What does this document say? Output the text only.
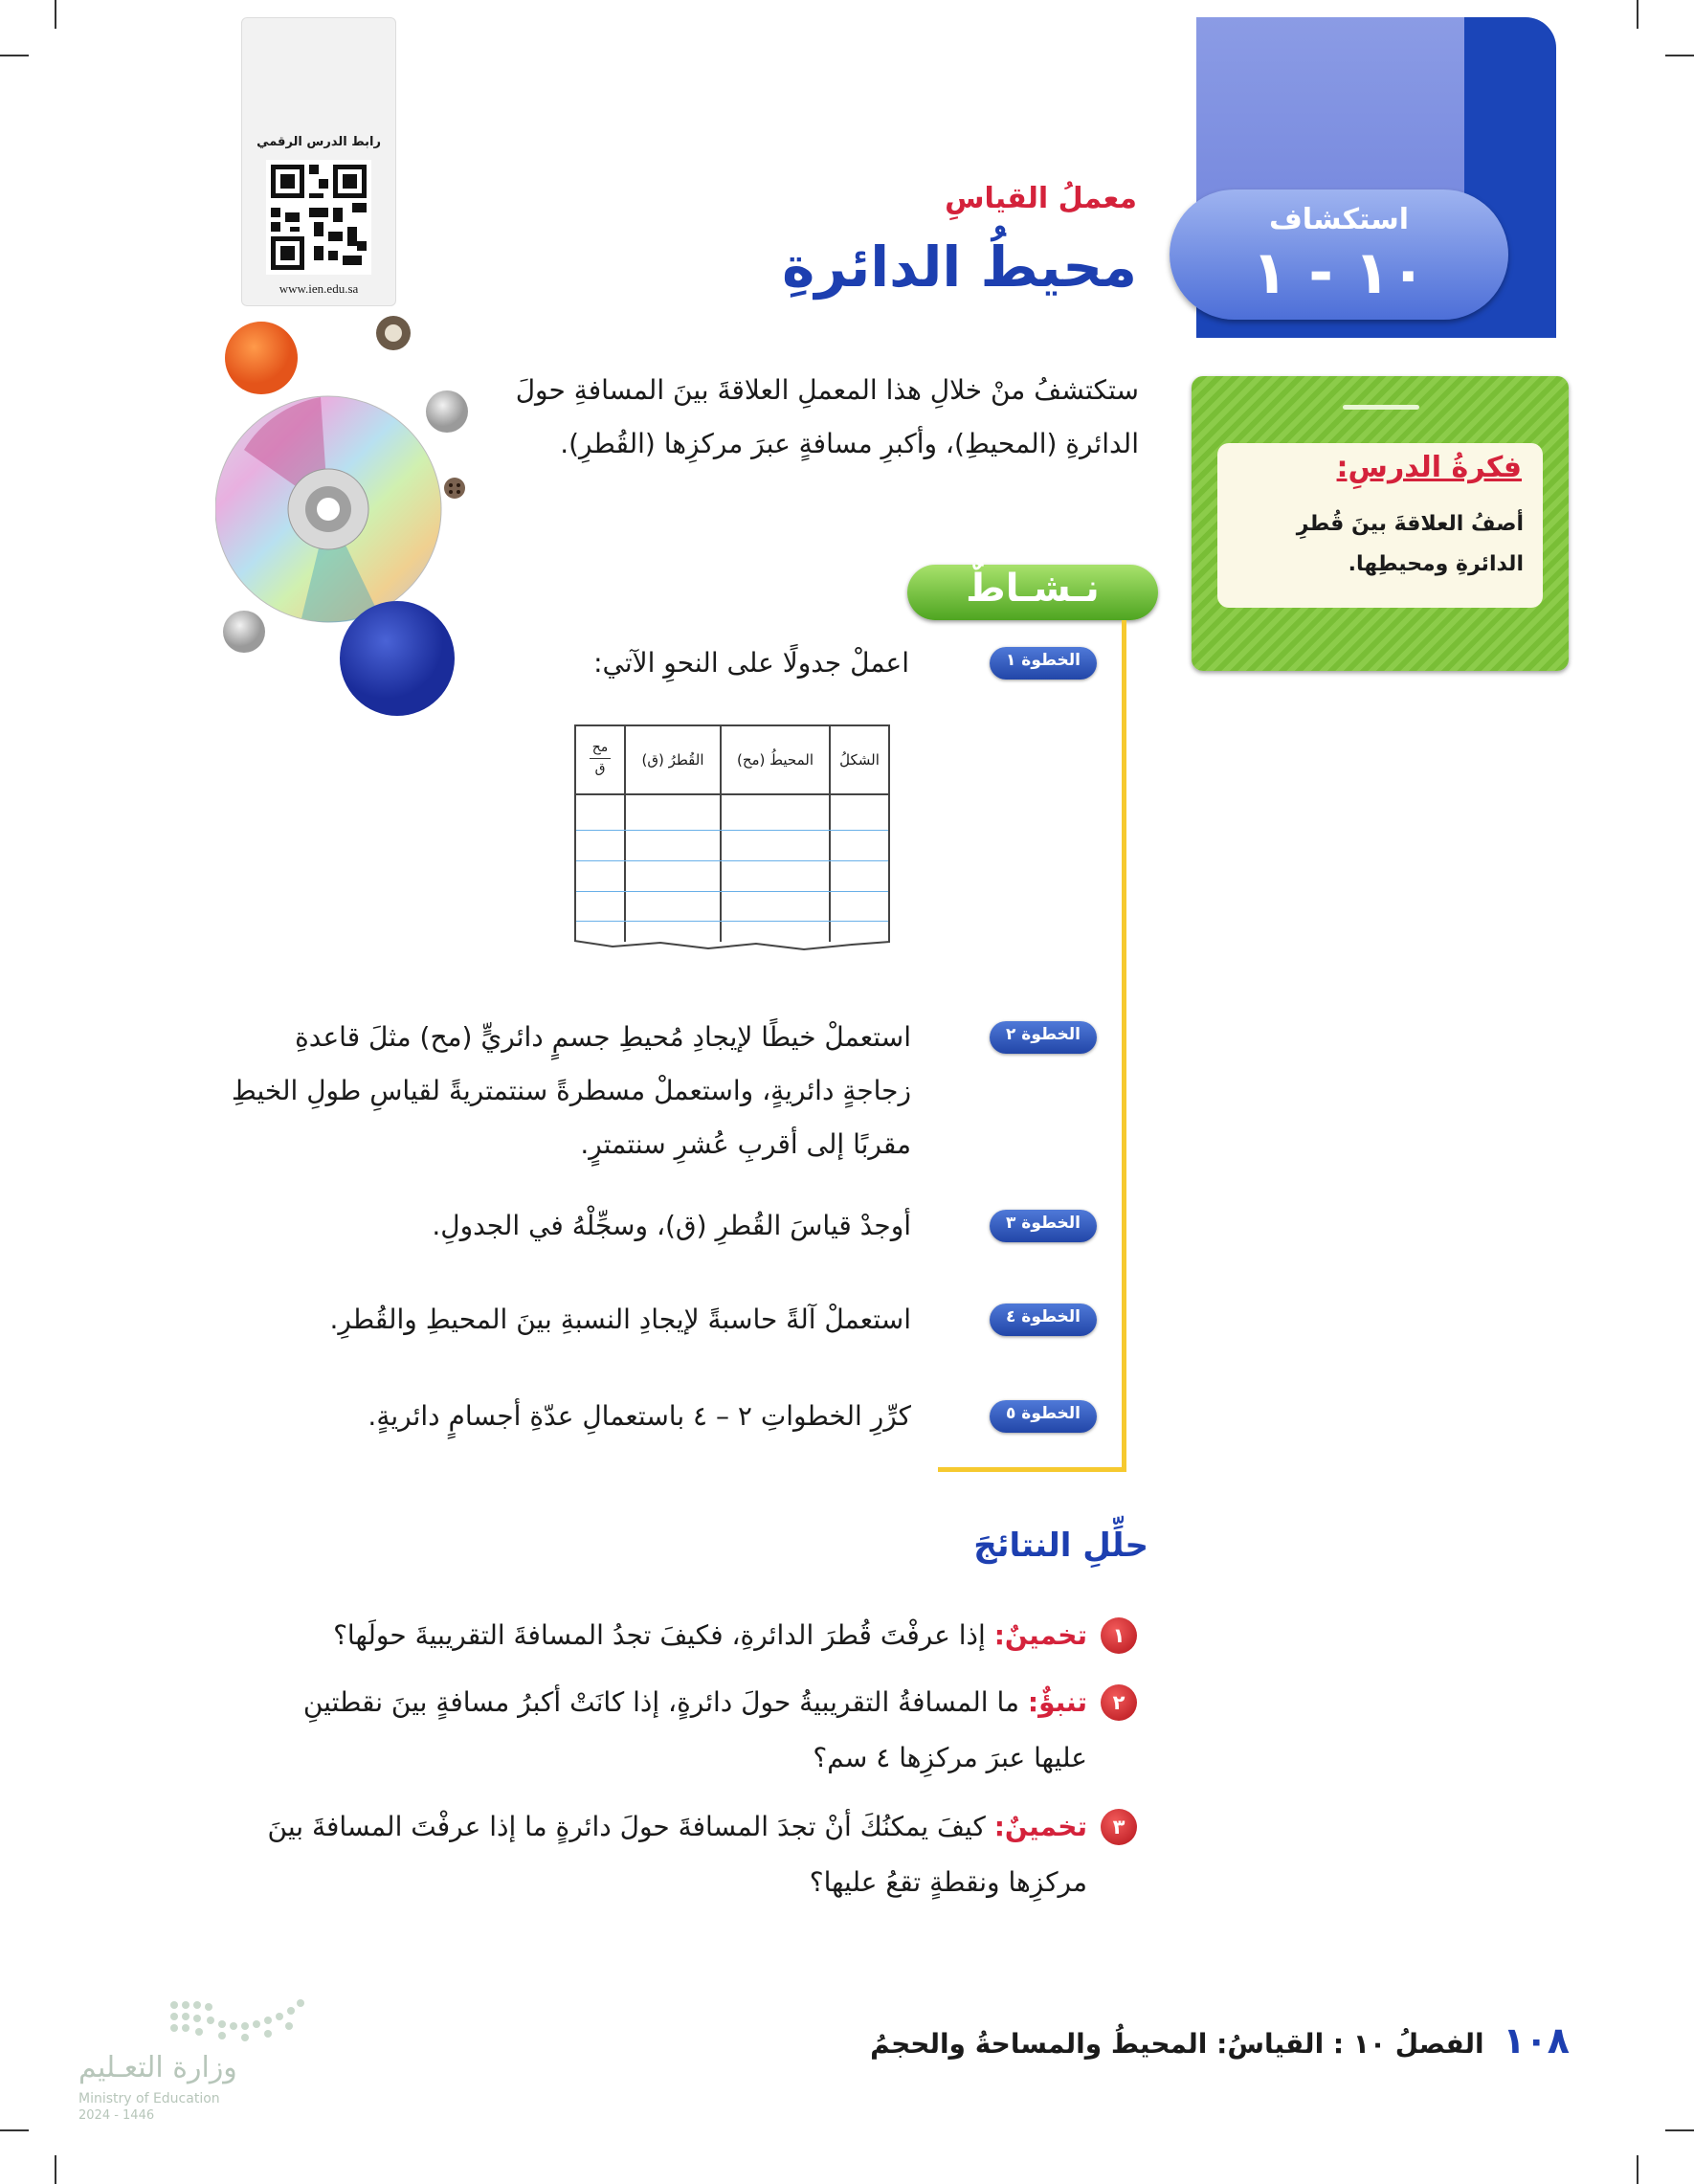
استكشاف
١٠ - ١
معملُ القياسِ
محيطُ الدائرةِ
رابط الدرس الرقمي
www.ien.edu.sa
فكرةُ الدرسِ:
أصفُ العلاقةَ بينَ قُطرِ الدائرةِ ومحيطِها.
ستكتشفُ منْ خلالِ هذا المعملِ العلاقةَ بينَ المسافةِ حولَ الدائرةِ (المحيطِ)، وأكبرِ مسافةٍ عبرَ مركزِها (القُطرِ).
نـشـاطٌ
الخطوة ١
اعملْ جدولًا على النحوِ الآتي:
الشكلُ
المحيطُ (مح)
القُطرُ (ق)
مح
ق
الخطوة ٢
استعملْ خيطًا لإيجادِ مُحيطِ جسمٍ دائريٍّ (مح) مثلَ قاعدةِ زجاجةٍ دائريةٍ، واستعملْ مسطرةً سنتمتريةً لقياسِ طولِ الخيطِ مقربًا إلى أقربِ عُشرِ سنتمترٍ.
الخطوة ٣
أوجدْ قياسَ القُطرِ (ق)، وسجِّلْهُ في الجدولِ.
الخطوة ٤
استعملْ آلةً حاسبةً لإيجادِ النسبةِ بينَ المحيطِ والقُطرِ.
الخطوة ٥
كرِّرِ الخطواتِ ٢ – ٤ باستعمالِ عدّةِ أجسامٍ دائريةٍ.
حلِّلِ النتائجَ
١
تخمينٌ: إذا عرفْتَ قُطرَ الدائرةِ، فكيفَ تجدُ المسافةَ التقريبيةَ حولَها؟
٢
تنبؤٌ: ما المسافةُ التقريبيةُ حولَ دائرةٍ، إذا كانَتْ أكبرُ مسافةٍ بينَ نقطتينِ عليها عبرَ مركزِها ٤ سم؟
٣
تخمينٌ: كيفَ يمكنُكَ أنْ تجدَ المسافةَ حولَ دائرةٍ ما إذا عرفْتَ المسافةَ بينَ مركزِها ونقطةٍ تقعُ عليها؟
١٠٨ الفصلُ ١٠ : القياسُ: المحيطُ والمساحةُ والحجمُ
وزارة التعـليم
Ministry of Education
2024 - 1446
